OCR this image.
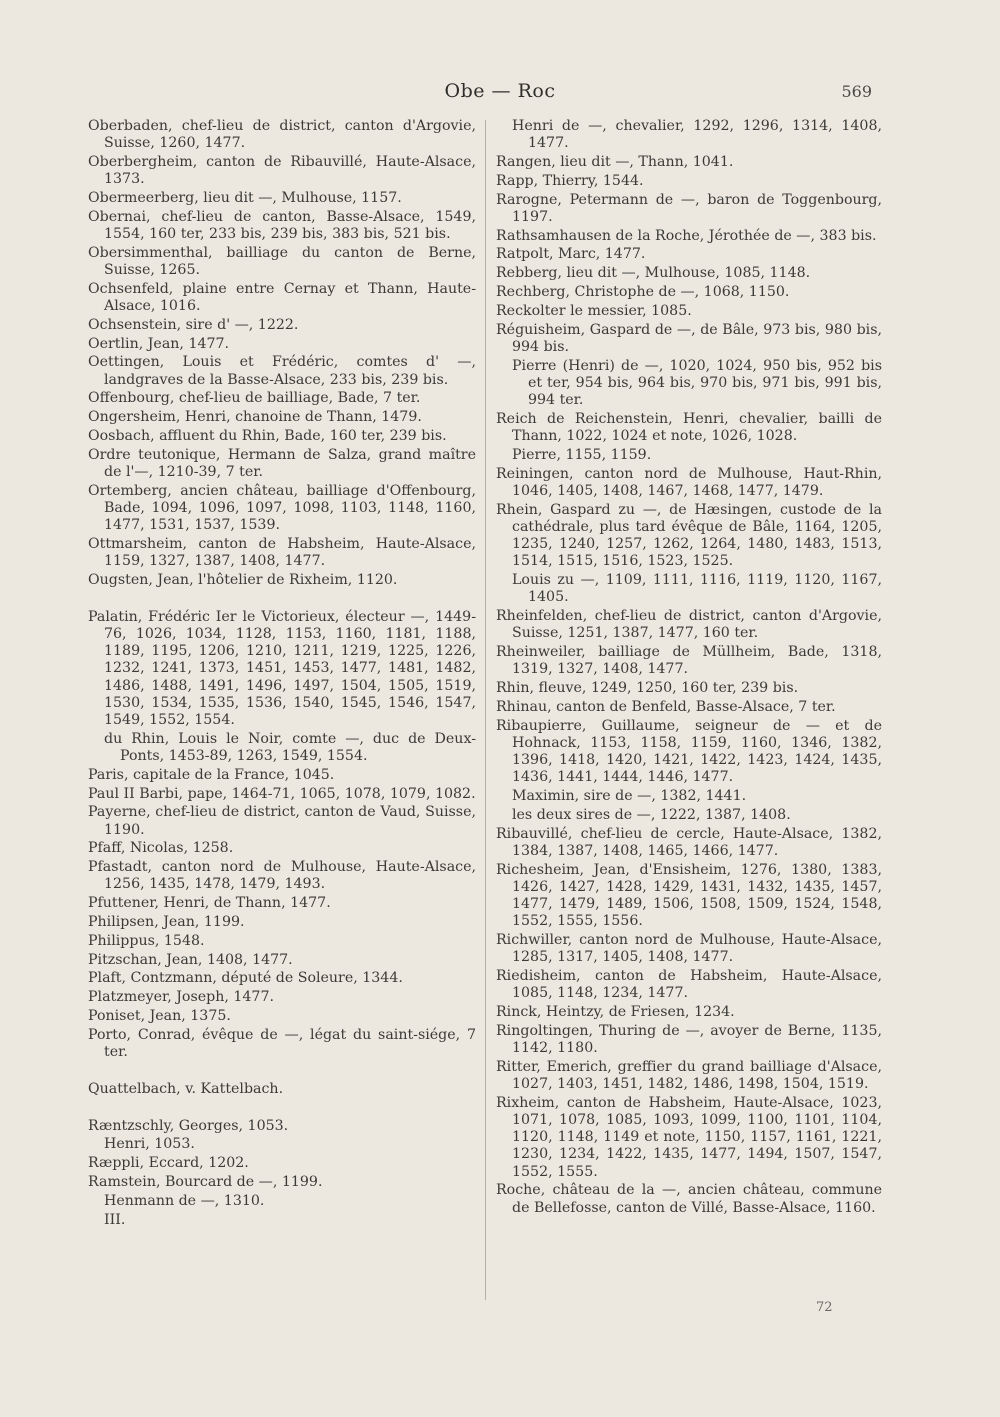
Obe — Roc	569

Oberbaden, chef-lieu de district, canton d'Argovie, Suisse, 1260, 1477.

Oberbergheim, canton de Ribauvillé, Haute-Alsace, 1373.

Obermeerberg, lieu dit —, Mulhouse, 1157.

Obernai, chef-lieu de canton, Basse-Alsace, 1549, 1554, 160 ter, 233 bis, 239 bis, 383 bis, 521 bis.

Obersimmenthal, bailliage du canton de Berne, Suisse, 1265.

Ochsenfeld, plaine entre Cernay et Thann, Haute-Alsace, 1016.

Ochsenstein, sire d' —, 1222.

Oertlin, Jean, 1477.

Oettingen, Louis et Frédéric, comtes d' —, landgraves de la Basse-Alsace, 233 bis, 239 bis.

Offenbourg, chef-lieu de bailliage, Bade, 7 ter.

Ongersheim, Henri, chanoine de Thann, 1479.

Oosbach, affluent du Rhin, Bade, 160 ter, 239 bis.

Ordre teutonique, Hermann de Salza, grand maître de l'—, 1210-39, 7 ter.

Ortemberg, ancien château, bailliage d'Offenbourg, Bade, 1094, 1096, 1097, 1098, 1103, 1148, 1160, 1477, 1531, 1537, 1539.

Ottmarsheim, canton de Habsheim, Haute-Alsace, 1159, 1327, 1387, 1408, 1477.

Ougsten, Jean, l'hôtelier de Rixheim, 1120.

Palatin, Frédéric Ier le Victorieux, électeur —, 1449-76, 1026, 1034, 1128, 1153, 1160, 1181, 1188, 1189, 1195, 1206, 1210, 1211, 1219, 1225, 1226, 1232, 1241, 1373, 1451, 1453, 1477, 1481, 1482, 1486, 1488, 1491, 1496, 1497, 1504, 1505, 1519, 1530, 1534, 1535, 1536, 1540, 1545, 1546, 1547, 1549, 1552, 1554.

du Rhin, Louis le Noir, comte —, duc de Deux-Ponts, 1453-89, 1263, 1549, 1554.

Paris, capitale de la France, 1045.

Paul II Barbi, pape, 1464-71, 1065, 1078, 1079, 1082.

Payerne, chef-lieu de district, canton de Vaud, Suisse, 1190.

Pfaff, Nicolas, 1258.

Pfastadt, canton nord de Mulhouse, Haute-Alsace, 1256, 1435, 1478, 1479, 1493.

Pfuttener, Henri, de Thann, 1477.

Philipsen, Jean, 1199.

Philippus, 1548.

Pitzschan, Jean, 1408, 1477.

Plaft, Contzmann, député de Soleure, 1344.

Platzmeyer, Joseph, 1477.

Poniset, Jean, 1375.

Porto, Conrad, évêque de —, légat du saint-siége, 7 ter.

Quattelbach, v. Kattelbach.

Ræntzschly, Georges, 1053.

Henri, 1053.

Ræppli, Eccard, 1202.

Ramstein, Bourcard de —, 1199.

Henmann de —, 1310.

III.

Henri de —, chevalier, 1292, 1296, 1314, 1408, 1477.

Rangen, lieu dit —, Thann, 1041.

Rapp, Thierry, 1544.

Rarogne, Petermann de —, baron de Toggenbourg, 1197.

Rathsamhausen de la Roche, Jérothée de —, 383 bis.

Ratpolt, Marc, 1477.

Rebberg, lieu dit —, Mulhouse, 1085, 1148.

Rechberg, Christophe de —, 1068, 1150.

Reckolter le messier, 1085.

Réguisheim, Gaspard de —, de Bâle, 973 bis, 980 bis, 994 bis.

Pierre (Henri) de —, 1020, 1024, 950 bis, 952 bis et ter, 954 bis, 964 bis, 970 bis, 971 bis, 991 bis, 994 ter.

Reich de Reichenstein, Henri, chevalier, bailli de Thann, 1022, 1024 et note, 1026, 1028.

Pierre, 1155, 1159.

Reiningen, canton nord de Mulhouse, Haut-Rhin, 1046, 1405, 1408, 1467, 1468, 1477, 1479.

Rhein, Gaspard zu —, de Hæsingen, custode de la cathédrale, plus tard évêque de Bâle, 1164, 1205, 1235, 1240, 1257, 1262, 1264, 1480, 1483, 1513, 1514, 1515, 1516, 1523, 1525.

Louis zu —, 1109, 1111, 1116, 1119, 1120, 1167, 1405.

Rheinfelden, chef-lieu de district, canton d'Argovie, Suisse, 1251, 1387, 1477, 160 ter.

Rheinweiler, bailliage de Müllheim, Bade, 1318, 1319, 1327, 1408, 1477.

Rhin, fleuve, 1249, 1250, 160 ter, 239 bis.

Rhinau, canton de Benfeld, Basse-Alsace, 7 ter.

Ribaupierre, Guillaume, seigneur de — et de Hohnack, 1153, 1158, 1159, 1160, 1346, 1382, 1396, 1418, 1420, 1421, 1422, 1423, 1424, 1435, 1436, 1441, 1444, 1446, 1477.

Maximin, sire de —, 1382, 1441.

les deux sires de —, 1222, 1387, 1408.

Ribauvillé, chef-lieu de cercle, Haute-Alsace, 1382, 1384, 1387, 1408, 1465, 1466, 1477.

Richesheim, Jean, d'Ensisheim, 1276, 1380, 1383, 1426, 1427, 1428, 1429, 1431, 1432, 1435, 1457, 1477, 1479, 1489, 1506, 1508, 1509, 1524, 1548, 1552, 1555, 1556.

Richwiller, canton nord de Mulhouse, Haute-Alsace, 1285, 1317, 1405, 1408, 1477.

Riedisheim, canton de Habsheim, Haute-Alsace, 1085, 1148, 1234, 1477.

Rinck, Heintzy, de Friesen, 1234.

Ringoltingen, Thuring de —, avoyer de Berne, 1135, 1142, 1180.

Ritter, Emerich, greffier du grand bailliage d'Alsace, 1027, 1403, 1451, 1482, 1486, 1498, 1504, 1519.

Rixheim, canton de Habsheim, Haute-Alsace, 1023, 1071, 1078, 1085, 1093, 1099, 1100, 1101, 1104, 1120, 1148, 1149 et note, 1150, 1157, 1161, 1221, 1230, 1234, 1422, 1435, 1477, 1494, 1507, 1547, 1552, 1555.

Roche, château de la —, ancien château, commune de Bellefosse, canton de Villé, Basse-Alsace, 1160.

72
